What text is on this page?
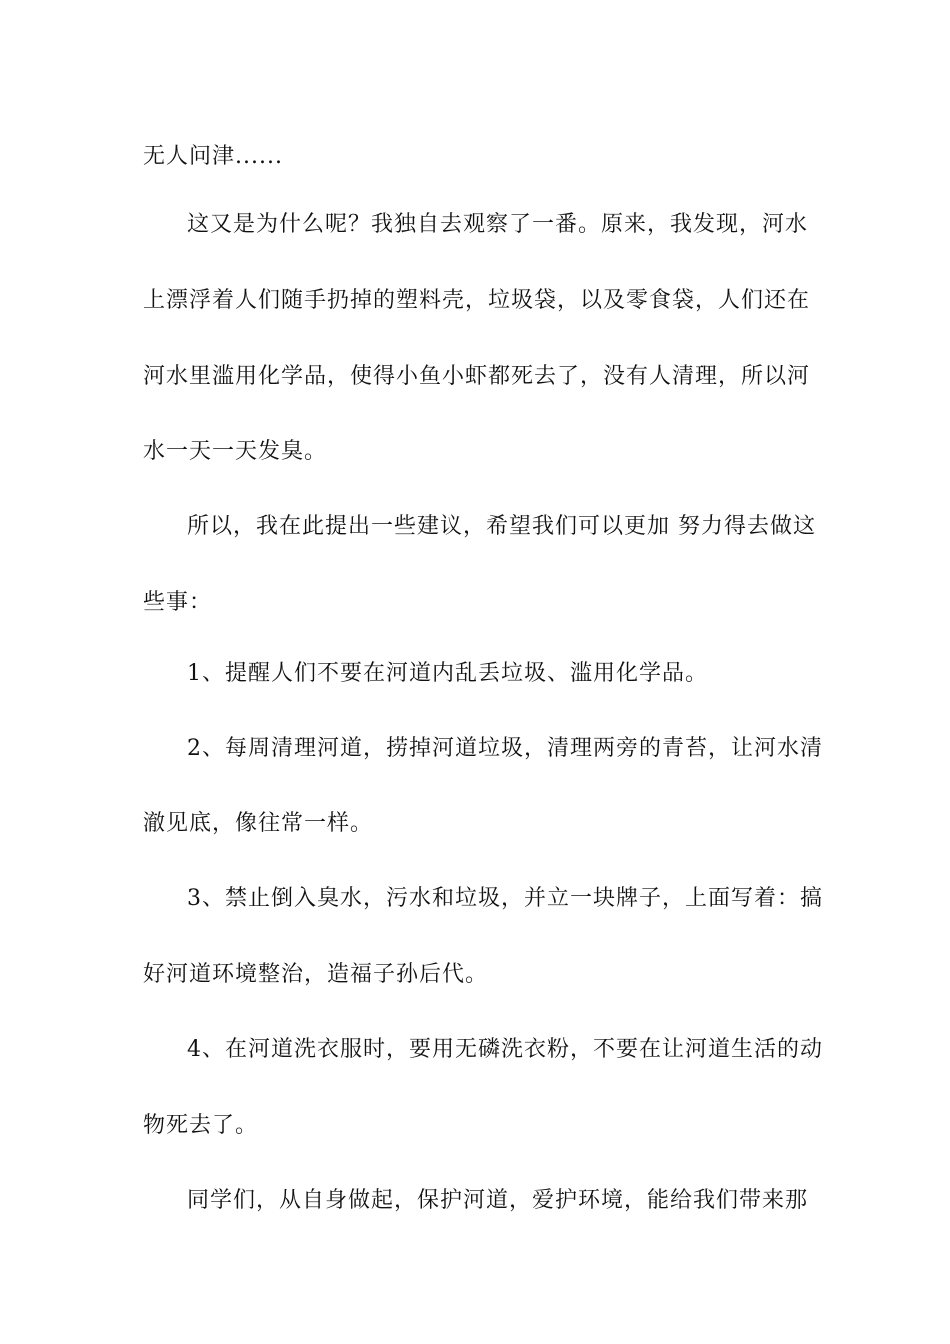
无人问津......
这又是为什么呢？我独自去观察了一番。原来，我发现，河水
上漂浮着人们随手扔掉的塑料壳，垃圾袋，以及零食袋，人们还在
河水里滥用化学品，使得小鱼小虾都死去了，没有人清理，所以河
水一天一天发臭。
所以，我在此提出一些建议，希望我们可以更加 努力得去做这
些事：
1、提醒人们不要在河道内乱丢垃圾、滥用化学品。
2、每周清理河道，捞掉河道垃圾，清理两旁的青苔，让河水清
澈见底，像往常一样。
3、禁止倒入臭水，污水和垃圾，并立一块牌子，上面写着：搞
好河道环境整治，造福子孙后代。
4、在河道洗衣服时，要用无磷洗衣粉，不要在让河道生活的动
物死去了。
同学们，从自身做起，保护河道，爱护环境，能给我们带来那
